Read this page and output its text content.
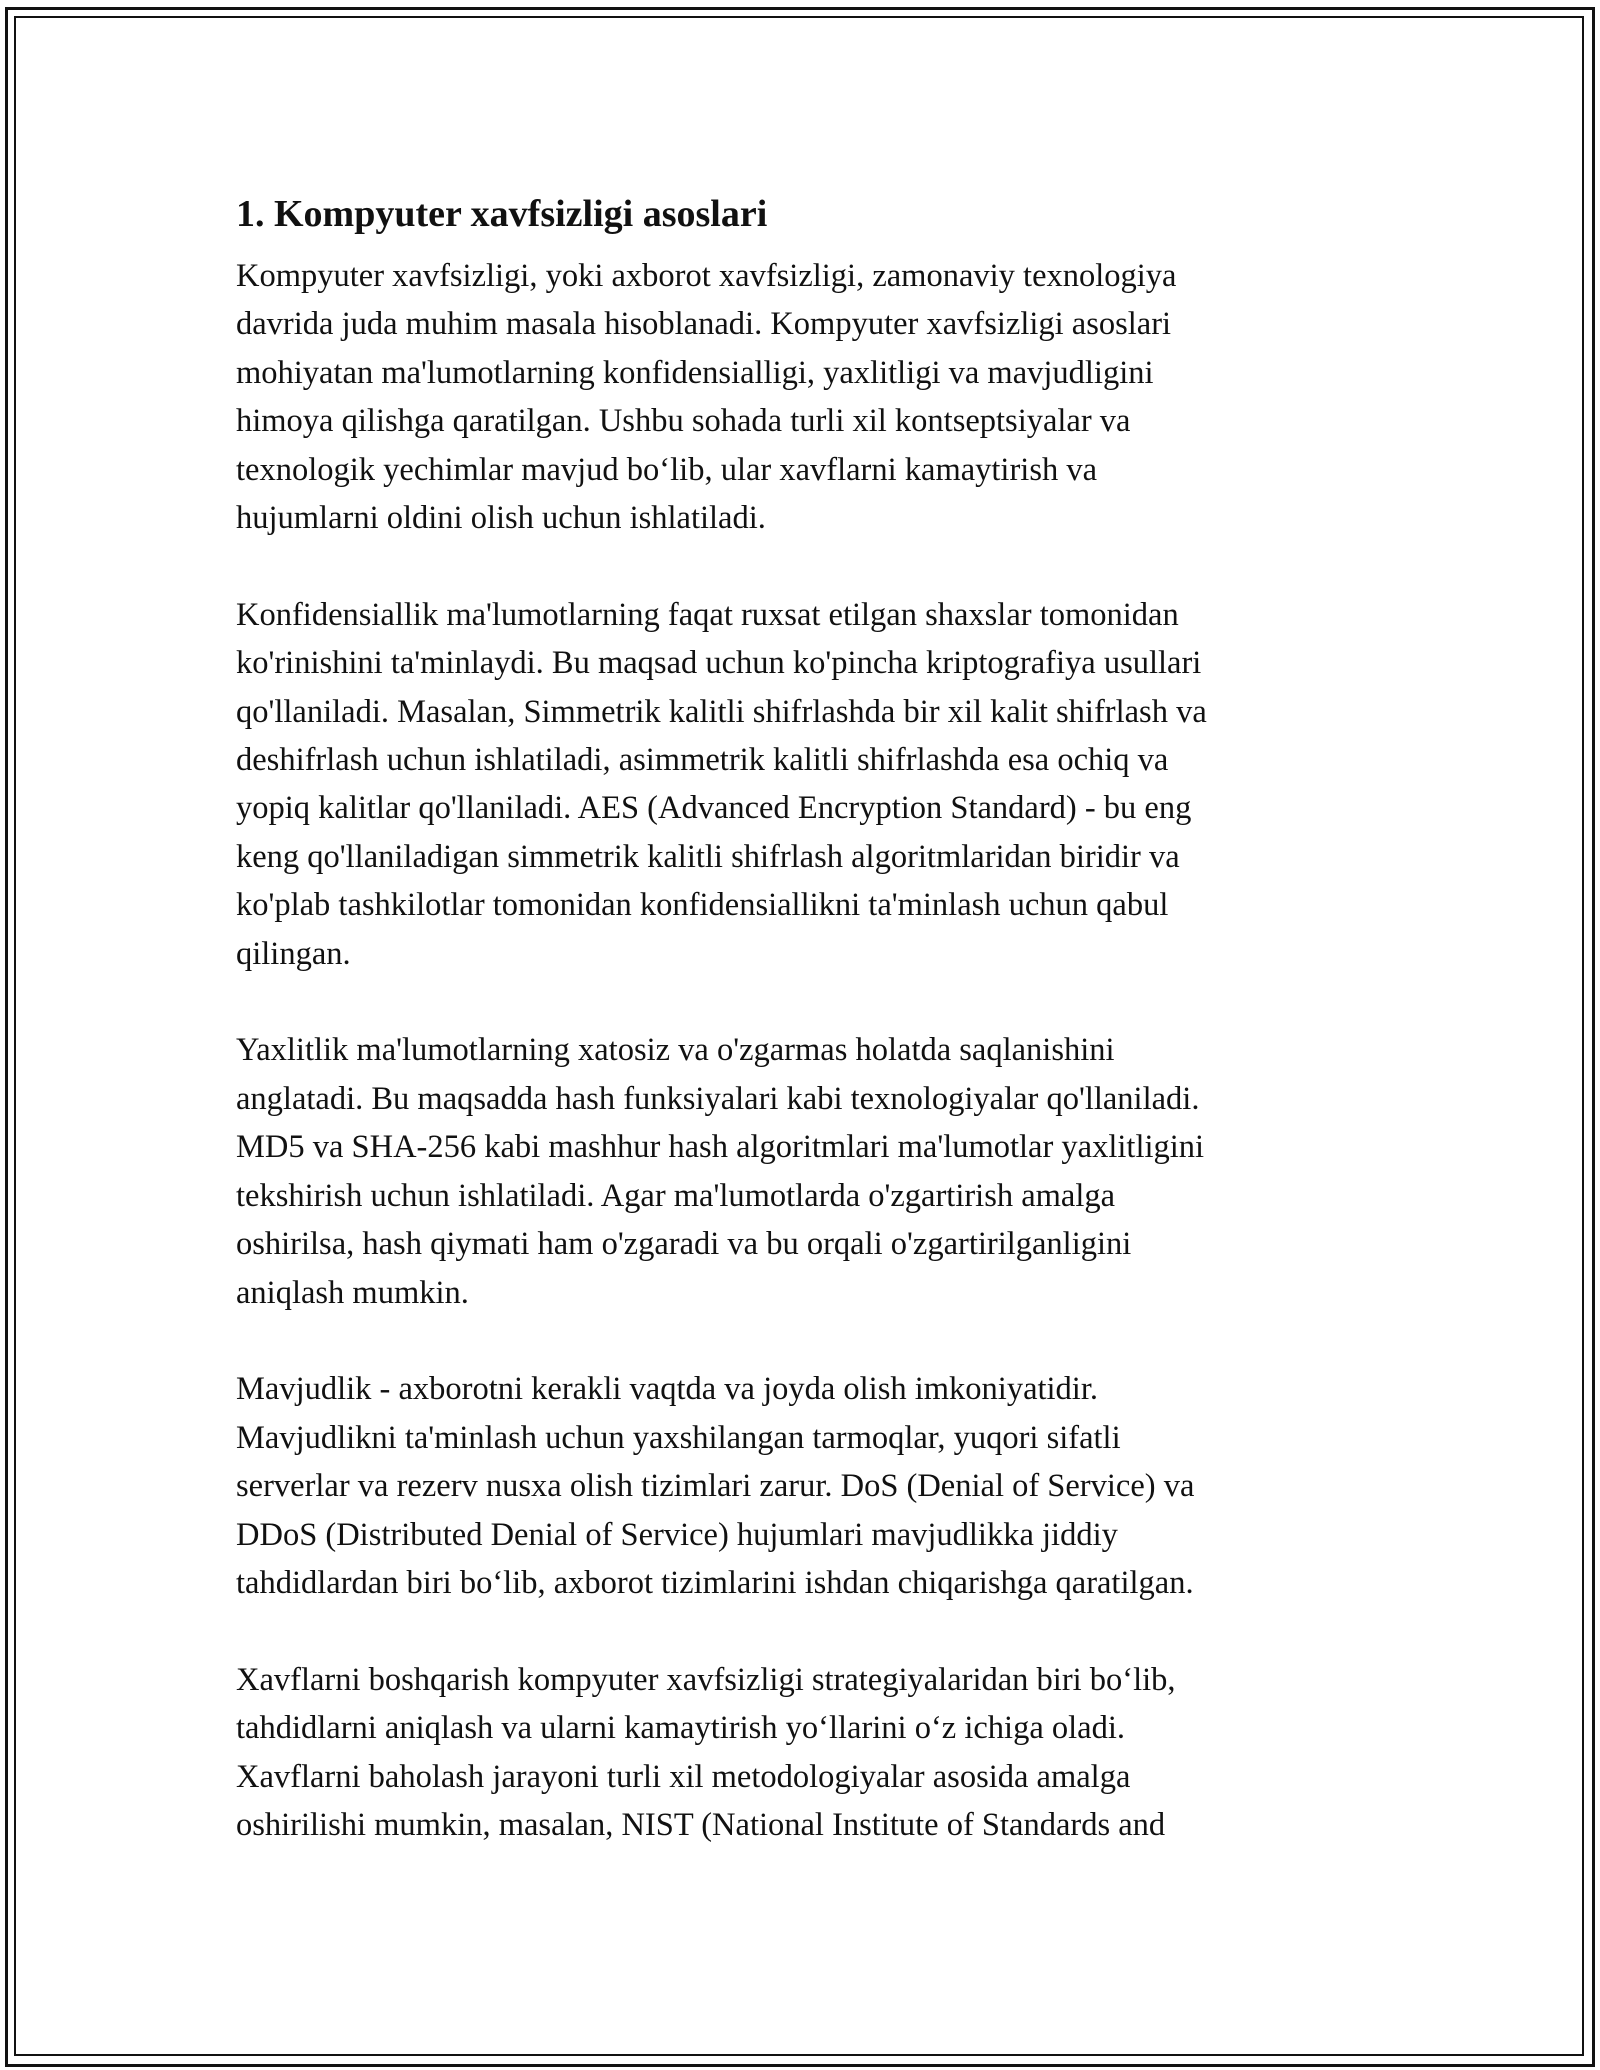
1. Kompyuter xavfsizligi asoslari
Kompyuter xavfsizligi, yoki axborot xavfsizligi, zamonaviy texnologiya
davrida juda muhim masala hisoblanadi. Kompyuter xavfsizligi asoslari
mohiyatan ma'lumotlarning konfidensialligi, yaxlitligi va mavjudligini
himoya qilishga qaratilgan. Ushbu sohada turli xil kontseptsiyalar va
texnologik yechimlar mavjud bo‘lib, ular xavflarni kamaytirish va
hujumlarni oldini olish uchun ishlatiladi.
Konfidensiallik ma'lumotlarning faqat ruxsat etilgan shaxslar tomonidan
ko'rinishini ta'minlaydi. Bu maqsad uchun ko'pincha kriptografiya usullari
qo'llaniladi. Masalan, Simmetrik kalitli shifrlashda bir xil kalit shifrlash va
deshifrlash uchun ishlatiladi, asimmetrik kalitli shifrlashda esa ochiq va
yopiq kalitlar qo'llaniladi. AES (Advanced Encryption Standard) - bu eng
keng qo'llaniladigan simmetrik kalitli shifrlash algoritmlaridan biridir va
ko'plab tashkilotlar tomonidan konfidensiallikni ta'minlash uchun qabul
qilingan.
Yaxlitlik ma'lumotlarning xatosiz va o'zgarmas holatda saqlanishini
anglatadi. Bu maqsadda hash funksiyalari kabi texnologiyalar qo'llaniladi.
MD5 va SHA-256 kabi mashhur hash algoritmlari ma'lumotlar yaxlitligini
tekshirish uchun ishlatiladi. Agar ma'lumotlarda o'zgartirish amalga
oshirilsa, hash qiymati ham o'zgaradi va bu orqali o'zgartirilganligini
aniqlash mumkin.
Mavjudlik - axborotni kerakli vaqtda va joyda olish imkoniyatidir.
Mavjudlikni ta'minlash uchun yaxshilangan tarmoqlar, yuqori sifatli
serverlar va rezerv nusxa olish tizimlari zarur. DoS (Denial of Service) va
DDoS (Distributed Denial of Service) hujumlari mavjudlikka jiddiy
tahdidlardan biri bo‘lib, axborot tizimlarini ishdan chiqarishga qaratilgan.
Xavflarni boshqarish kompyuter xavfsizligi strategiyalaridan biri bo‘lib,
tahdidlarni aniqlash va ularni kamaytirish yo‘llarini o‘z ichiga oladi.
Xavflarni baholash jarayoni turli xil metodologiyalar asosida amalga
oshirilishi mumkin, masalan, NIST (National Institute of Standards and
